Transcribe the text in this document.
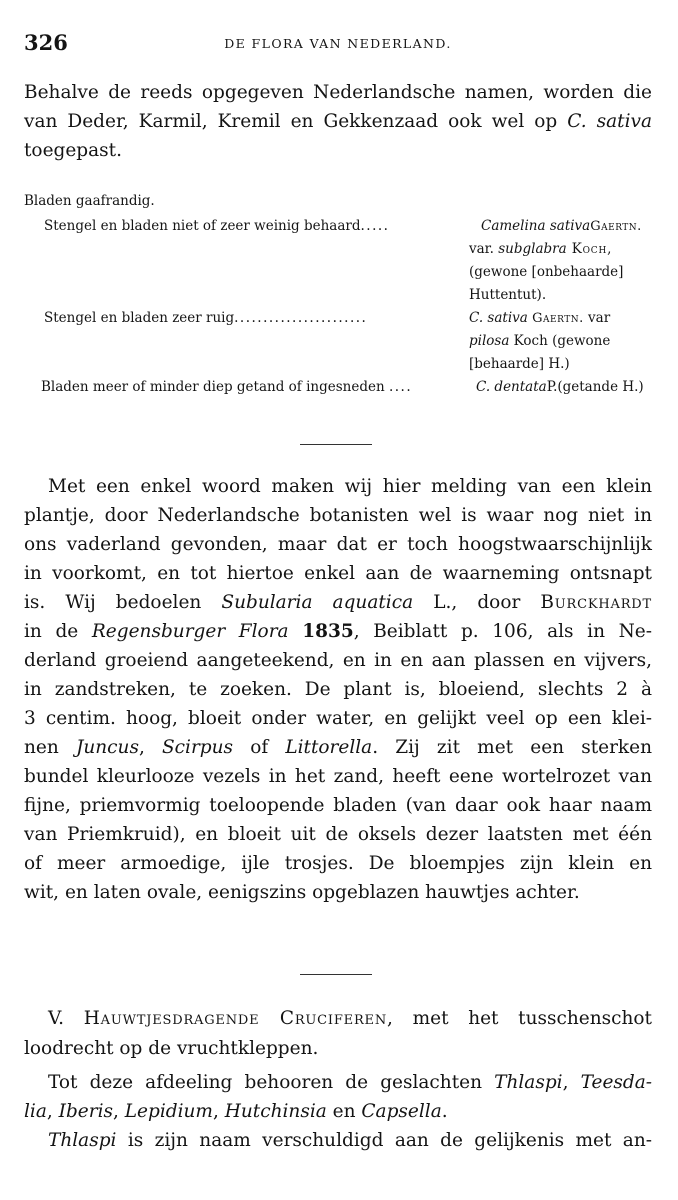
326	DE FLORA VAN NEDERLAND.
Behalve de reeds opgegeven Nederlandsche namen, worden die
van Deder, Karmil, Kremil en Gekkenzaad ook wel op C. sativa
toegepast.
Bladen gaafrandig.
Stengel en bladen niet of zeer weinig behaard.....	Camelina sativaGaertn.
var. subglabra Koch,
(gewone [onbehaarde]
Huttentut).
Stengel en bladen zeer ruig.......................	C. sativa Gaertn. var
pilosa Koch (gewone
[behaarde] H.)
Bladen meer of minder diep getand of ingesneden ....	C. dentataP.(getande H.)
Met een enkel woord maken wij hier melding van een klein
plantje, door Nederlandsche botanisten wel is waar nog niet in
ons vaderland gevonden, maar dat er toch hoogstwaarschijnlijk
in voorkomt, en tot hiertoe enkel aan de waarneming ontsnapt
is. Wij bedoelen Subularia aquatica L., door Burckhardt
in de Regensburger Flora 1835, Beiblatt p. 106, als in Ne-
derland groeiend aangeteekend, en in en aan plassen en vijvers,
in zandstreken, te zoeken. De plant is, bloeiend, slechts 2 à
3 centim. hoog, bloeit onder water, en gelijkt veel op een klei-
nen Juncus, Scirpus of Littorella. Zij zit met een sterken
bundel kleurlooze vezels in het zand, heeft eene wortelrozet van
fijne, priemvormig toeloopende bladen (van daar ook haar naam
van Priemkruid), en bloeit uit de oksels dezer laatsten met één
of meer armoedige, ijle trosjes. De bloempjes zijn klein en
wit, en laten ovale, eenigszins opgeblazen hauwtjes achter.
V. Hauwtjesdragende Cruciferen, met het tusschenschot
loodrecht op de vruchtkleppen.
Tot deze afdeeling behooren de geslachten Thlaspi, Teesda-
lia, Iberis, Lepidium, Hutchinsia en Capsella.
Thlaspi is zijn naam verschuldigd aan de gelijkenis met an-
